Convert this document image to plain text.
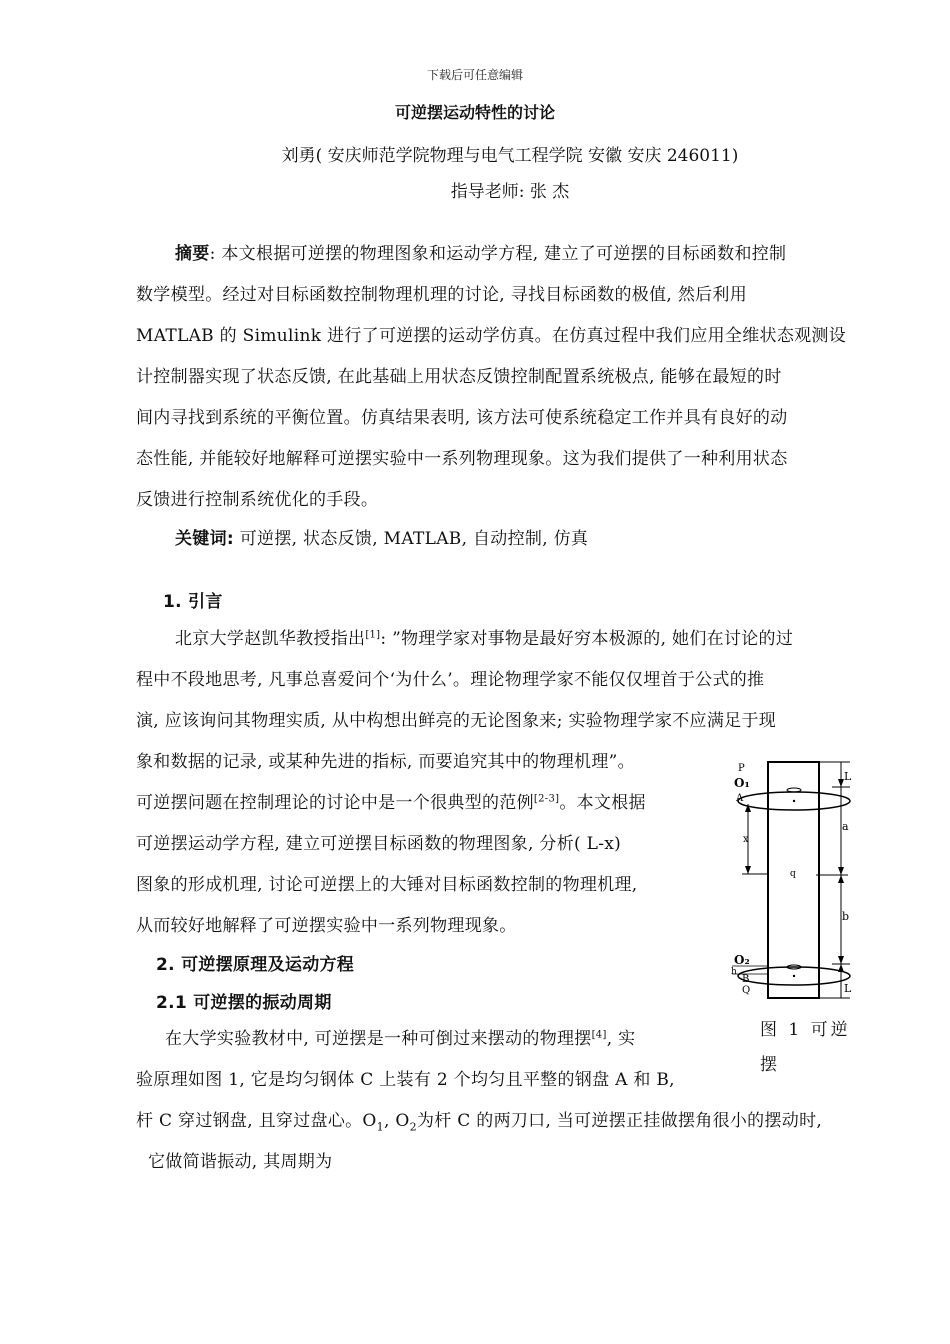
下载后可任意编辑
可逆摆运动特性的讨论
刘勇( 安庆师范学院物理与电气工程学院 安徽 安庆 246011)
指导老师: 张 杰
摘要: 本文根据可逆摆的物理图象和运动学方程, 建立了可逆摆的目标函数和控制
数学模型。经过对目标函数控制物理机理的讨论, 寻找目标函数的极值, 然后利用
MATLAB 的 Simulink 进行了可逆摆的运动学仿真。在仿真过程中我们应用全维状态观测设
计控制器实现了状态反馈, 在此基础上用状态反馈控制配置系统极点, 能够在最短的时
间内寻找到系统的平衡位置。仿真结果表明, 该方法可使系统稳定工作并具有良好的动
态性能, 并能较好地解释可逆摆实验中一系列物理现象。这为我们提供了一种利用状态
反馈进行控制系统优化的手段。
关键词: 可逆摆, 状态反馈, MATLAB, 自动控制, 仿真
1. 引言
北京大学赵凯华教授指出[1]: ”物理学家对事物是最好穷本极源的, 她们在讨论的过
程中不段地思考, 凡事总喜爱问个‘为什么’。理论物理学家不能仅仅埋首于公式的推
演, 应该询问其物理实质, 从中构想出鲜亮的无论图象来; 实验物理学家不应满足于现
象和数据的记录, 或某种先进的指标, 而要追究其中的物理机理”。
可逆摆问题在控制理论的讨论中是一个很典型的范例[2-3]。本文根据
可逆摆运动学方程, 建立可逆摆目标函数的物理图象, 分析( L-x)
图象的形成机理, 讨论可逆摆上的大锤对目标函数控制的物理机理,
从而较好地解释了可逆摆实验中一系列物理现象。
2. 可逆摆原理及运动方程
2.1 可逆摆的振动周期
在大学实验教材中, 可逆摆是一种可倒过来摆动的物理摆[4], 实
验原理如图 1, 它是均匀钢体 C 上装有 2 个均匀且平整的钢盘 A 和 B,
杆 C 穿过钢盘, 且穿过盘心。$O_1$, $O_2$为杆 C 的两刀口, 当可逆摆正挂做摆角很小的摆动时,
它做简谐振动, 其周期为
P
O₁
A
x
q
O₂
h
B
Q
L
a
b
L
图 1 可逆
摆
